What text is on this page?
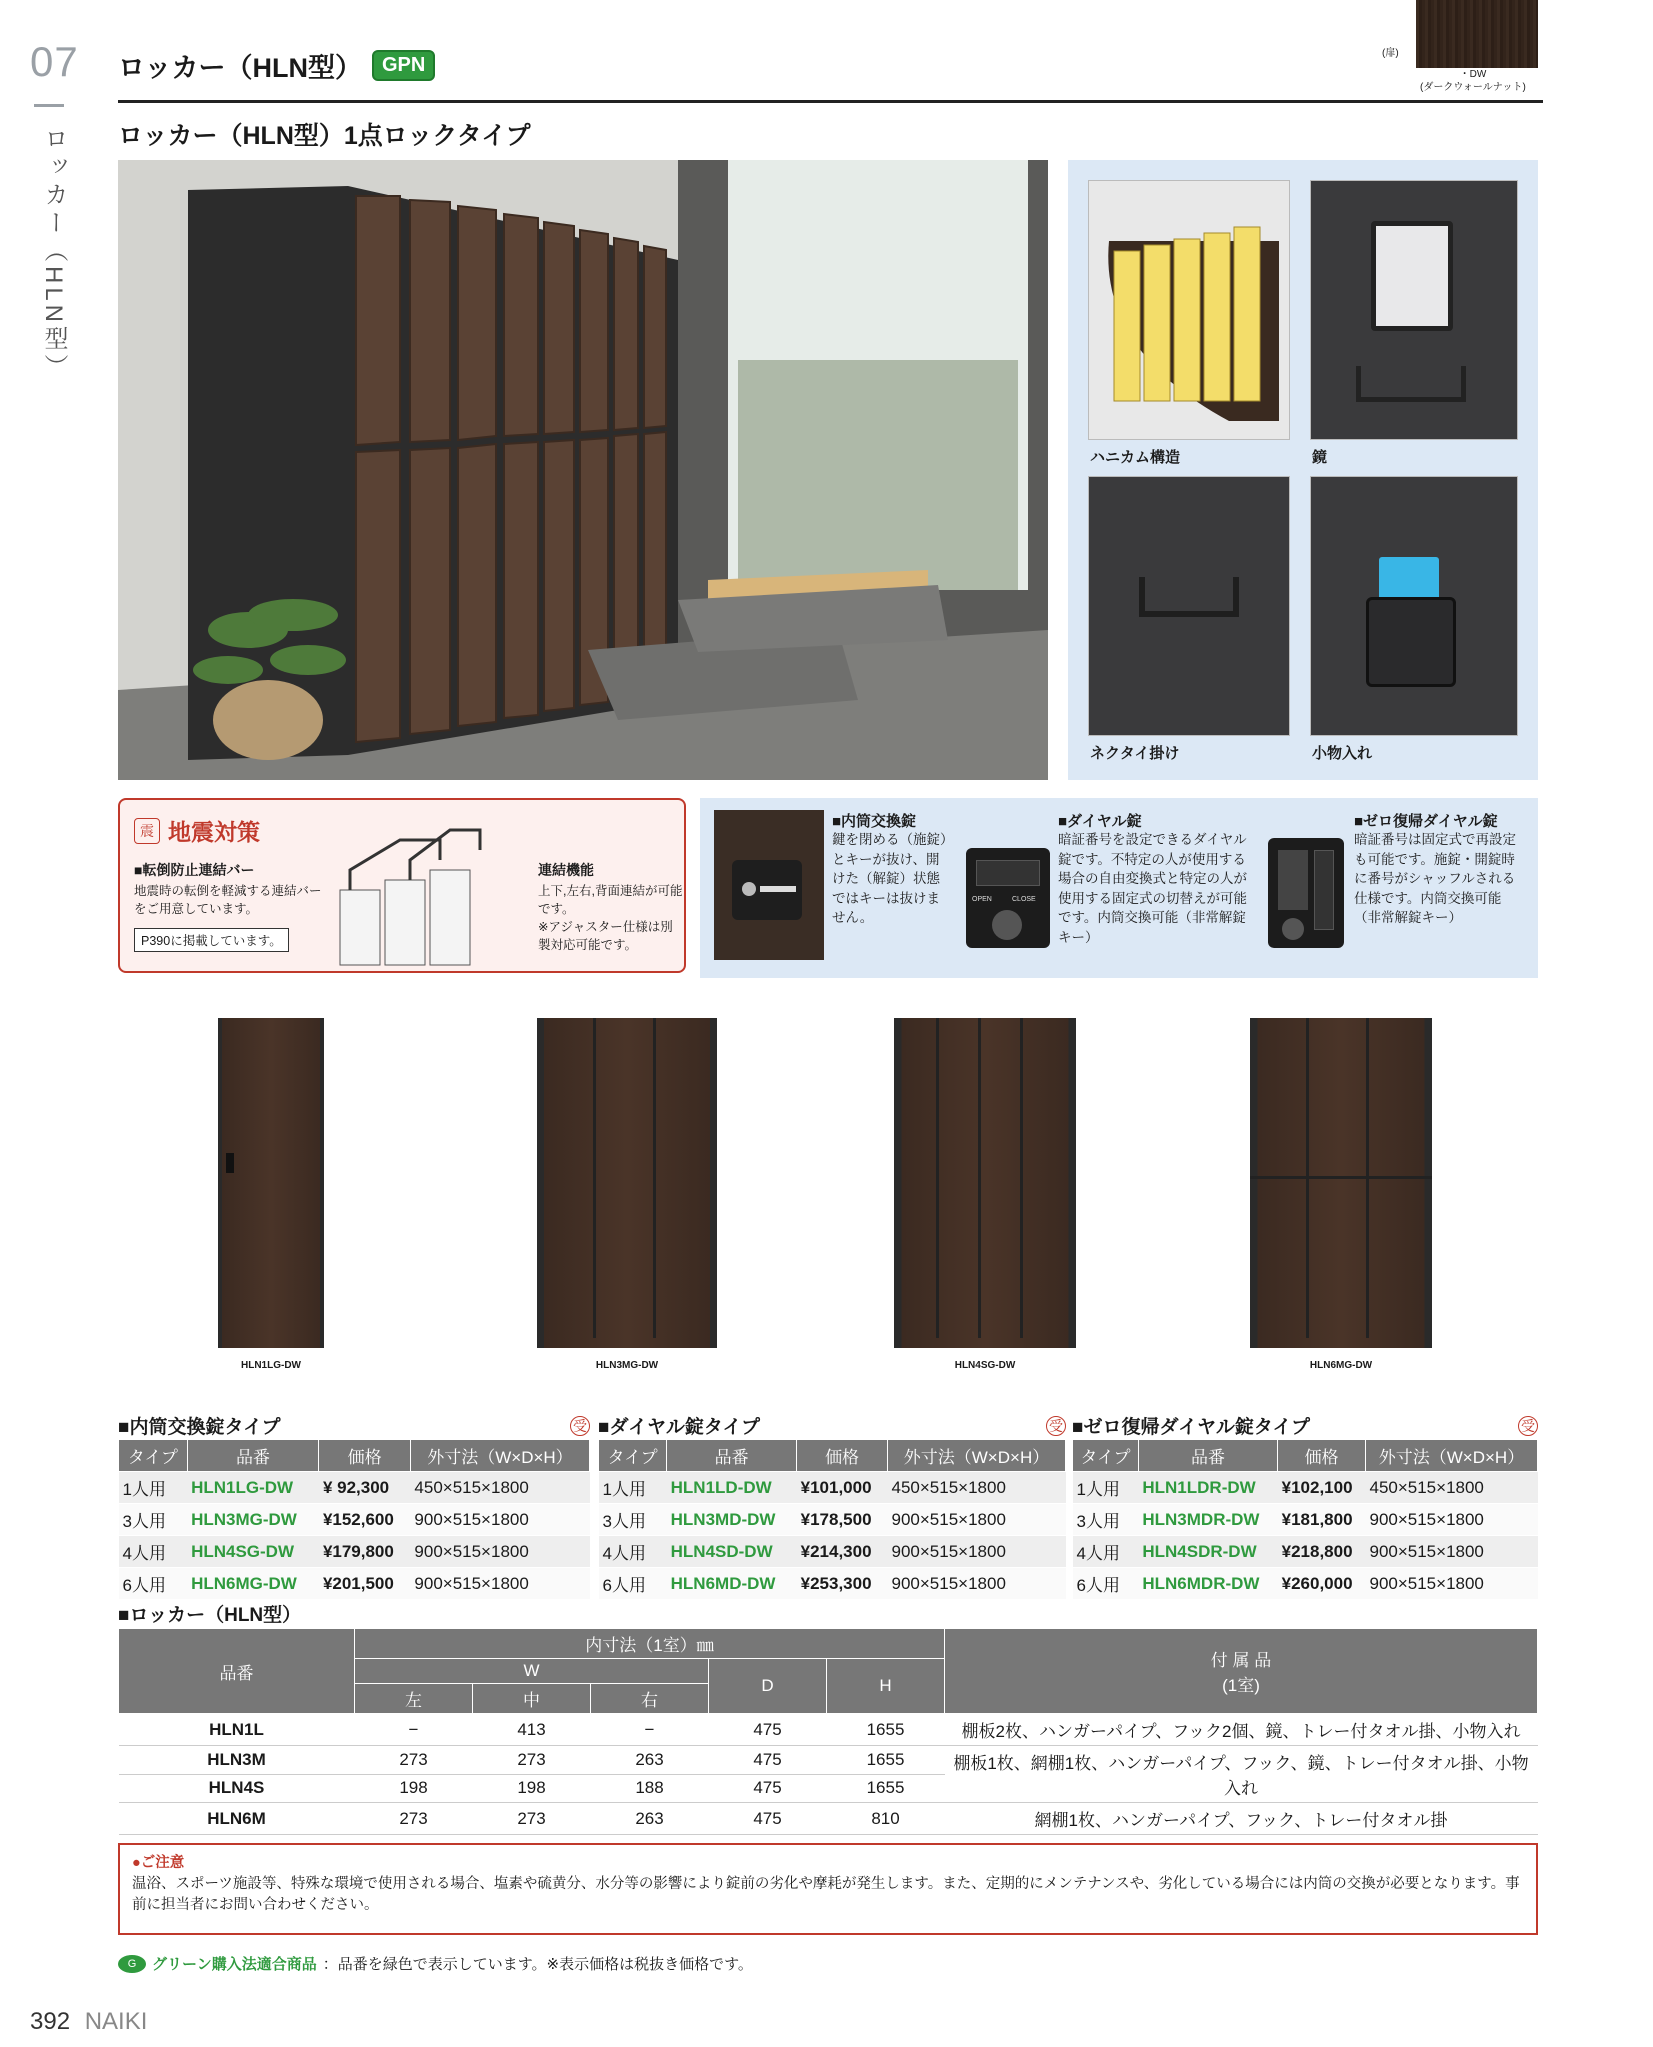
07
ロッカー（HLN型）
ロッカー（HLN型）	GPN
(扉)
・DW
(ダークウォールナット)
ロッカー（HLN型）1点ロックタイプ
ハニカム構造	鏡
ネクタイ掛け	小物入れ
震 地震対策
■転倒防止連結バー
地震時の転倒を軽減する連結バーをご用意しています。
P390に掲載しています。
連結機能
上下,左右,背面連結が可能です。
※アジャスター仕様は別製対応可能です。
■内筒交換錠
鍵を閉める（施錠）とキーが抜け、開けた（解錠）状態ではキーは抜けません。
OPEN	CLOSE
■ダイヤル錠
暗証番号を設定できるダイヤル錠です。不特定の人が使用する場合の自由変換式と特定の人が使用する固定式の切替えが可能です。内筒交換可能（非常解錠キー）
■ゼロ復帰ダイヤル錠
暗証番号は固定式で再設定も可能です。施錠・開錠時に番号がシャッフルされる仕様です。内筒交換可能（非常解錠キー）
HLN1LG-DW	HLN3MG-DW	HLN4SG-DW	HLN6MG-DW
■内筒交換錠タイプ	受
タイプ	品番	価格	外寸法（W×D×H）
1人用	HLN1LG-DW	¥ 92,300	450×515×1800
3人用	HLN3MG-DW	¥152,600	900×515×1800
4人用	HLN4SG-DW	¥179,800	900×515×1800
6人用	HLN6MG-DW	¥201,500	900×515×1800
■ダイヤル錠タイプ	受
タイプ	品番	価格	外寸法（W×D×H）
1人用	HLN1LD-DW	¥101,000	450×515×1800
3人用	HLN3MD-DW	¥178,500	900×515×1800
4人用	HLN4SD-DW	¥214,300	900×515×1800
6人用	HLN6MD-DW	¥253,300	900×515×1800
■ゼロ復帰ダイヤル錠タイプ	受
タイプ	品番	価格	外寸法（W×D×H）
1人用	HLN1LDR-DW	¥102,100	450×515×1800
3人用	HLN3MDR-DW	¥181,800	900×515×1800
4人用	HLN4SDR-DW	¥218,800	900×515×1800
6人用	HLN6MDR-DW	¥260,000	900×515×1800
■ロッカー（HLN型）
品番	内寸法（1室）㎜					付 属 品
(1室)

	W			D	H	
	左	中	右			
HLN1L	−	413	−	475	1655	棚板2枚、ハンガーパイプ、フック2個、鏡、トレー付タオル掛、小物入れ
HLN3M	273	273	263	475	1655	棚板1枚、網棚1枚、ハンガーパイプ、フック、鏡、トレー付タオル掛、小物入れ
HLN4S	198	198	188	475	1655	
HLN6M	273	273	263	475	810	網棚1枚、ハンガーパイプ、フック、トレー付タオル掛
●ご注意
温浴、スポーツ施設等、特殊な環境で使用される場合、塩素や硫黄分、水分等の影響により錠前の劣化や摩耗が発生します。また、定期的にメンテナンスや、劣化している場合には内筒の交換が必要となります。事前に担当者にお問い合わせください。
G	グリーン購入法適合商品 ：品番を緑色で表示しています。※表示価格は税抜き価格です。
392 NAIKI
